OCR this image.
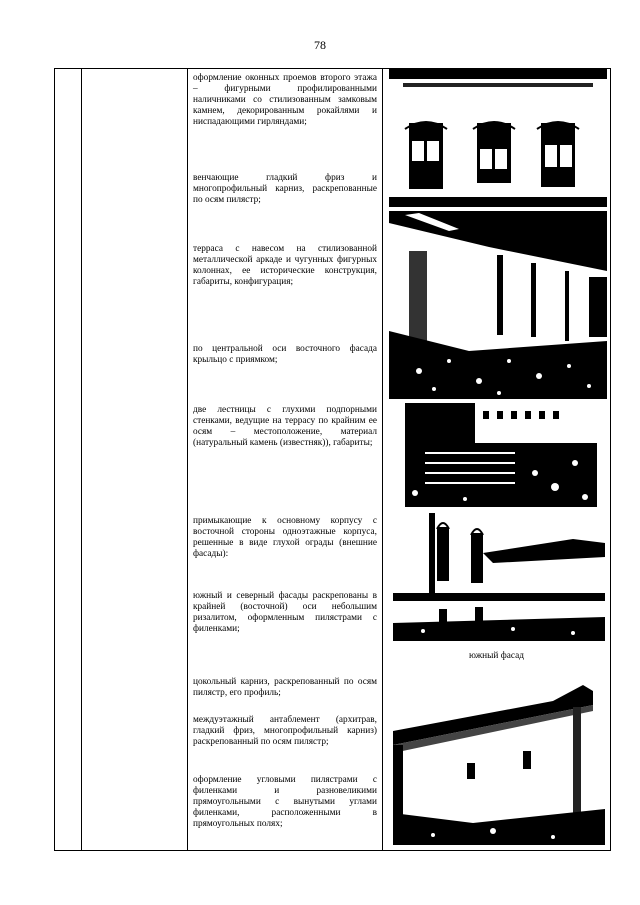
78

оформление оконных проемов второго этажа – фигурными профилированными наличниками со стилизованным замковым камнем, декорированным рокайлями и ниспадающими гирляндами;
венчающие гладкий фриз и многопрофильный карниз, раскрепованные по осям пилястр;
терраса с навесом на стилизованной металлической аркаде и чугунных фигурных колоннах, ее исторические конструкция, габариты, конфигурация;
по центральной оси восточного фасада крыльцо с приямком;
две лестницы с глухими подпорными стенками, ведущие на террасу по крайним ее осям – местоположение, материал (натуральный камень (известняк)), габариты;
примыкающие к основному корпусу с восточной стороны одноэтажные корпуса, решенные в виде глухой ограды (внешние фасады):
южный и северный фасады раскрепованы в крайней (восточной) оси небольшим ризалитом, оформленным пилястрами с филенками;
цокольный карниз, раскрепованный по осям пилястр, его профиль;
междуэтажный антаблемент (архитрав, гладкий фриз, многопрофильный карниз) раскрепованный по осям пилястр;
оформление угловыми пилястрами с филенками и разновеликими прямоугольными с вынутыми углами филенками, расположенными в прямоугольных полях;

южный фасад
